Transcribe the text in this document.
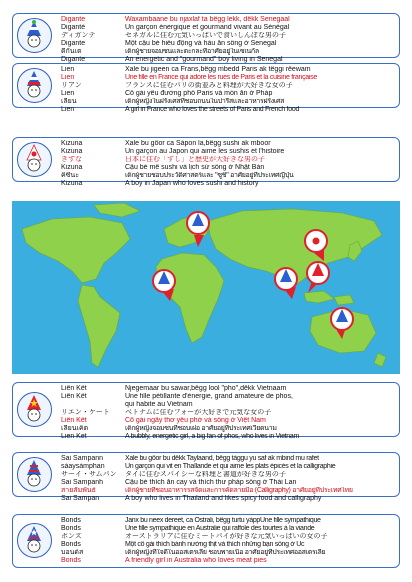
Digante
Diganté
ディガンテ
Digante
ดีกันเต
Digante
Waxambaane bu njaxlaf ta bëgg lekk, dëkk Senegaal
Un garçon énergique et gourmand vivant au Sénégal
セネガルに住む元気いっぱいで食いしんぼな男の子
Một cậu bé hiếu động và háu ăn sống ở Senegal
เด็กผู้ชายจอมซนและตะกละที่อาศัยอยู่ในเซเนกัล
An energetic and "gourmand" boy living in Senegal
Lien
Lien
リアン
Lien
เลียน
Lien
Xale bu jigeen ca Frans,bëgg mbedd Paris ak tëggi rëewam
Une fille en France qui adore les rues de Paris et la cuisine française
フランスに住むパリの街並みと料理が大好きな女の子
Cô gái yêu đường phố Paris và món ăn ở Pháp
เด็กผู้หญิงในฝรั่งเศสที่ชอบถนนในปารีสและอาหารฝรั่งเศส
A girl in France who loves the streets of Paris and French food
Kizuna
Kizuna
きずな
Kizuna
คิซึนะ
Kizuna
Xale bu gôor ca Sàpon la,bëgg sushi ak mboor
Un garçon au Japon qui aime les sushis et l'histoire
日本に住む「すし」と歴史が大好きな男の子
Cậu bé mê sushi và lịch sử sống ở Nhật Bản
เด็กผู้ชายชอบประวัติศาสตร์และ "ซูชิ" อาศัยอยู่ที่ประเทศญี่ปุ่น
A boy in Japan who loves sushi and history
Liên Kết
Liên Kết
リエン・ケート
Liên Kết
เลียนเค็ต
Lien Ket
Njegemaar bu sawar,bëgg lool "pho",dëkk Vietnaam
Une fille pétillante d'énergie, grand amateure de phos,
qui habite au Vietnam
ベトナムに住むフォーが大好きで元気な女の子
Cô gái ngây thơ yêu phở và sống ở Việt Nam
เด็กผู้หญิงจอมซนที่ชอบเฝอ อาศัยอยู่ที่ประเทศเวียดนาม
A bubbly, energetic girl, a big fan of phos, who lives in Vietnam
Sai Sampann
sàaysàmphan
サーイ・サムパン
Sai Sampanh
สายสัมพันธ์
Sai Sampan
Xale bu gôor bu dëkk Taylaand, bëgg tàggu yu saf ak mbind mu rafet
Un garçon qui vit en Thaïlande et qui aime les plats épicés et la calligraphie
タイに住むスパイシーな料理と書道が好きな男の子
Cậu bé thích ăn cay và thích thư pháp sống ở Thái Lan
เด็กผู้ชายที่ชอบอาหารรสจัดและการคัดลายมือ (Calligraphy) อาศัยอยู่ที่ประเทศไทย
A boy who lives in Thailand and likes spicy food and calligraphy
Bonds
Bonds
ボンズ
Bonds
บอนด์ส
Bonds
Janx bu neex dereet, ca Ostrali, bëgg turtu yàppUne fille sympathique
Une fille sympathique en Australie qui raffole des tourtes à la viande
オーストラリアに住むミートパイが好きな元気いっぱいの女の子
Một cô gái thích bánh nướng thịt và thích những bạn sống ở Úc
เด็กผู้หญิงที่ใจดีในออสเตรเลีย ชอบพายเนื้อ อาศัยอยู่ที่ประเทศออสเตรเลีย
A friendly girl in Australia who loves meat pies
